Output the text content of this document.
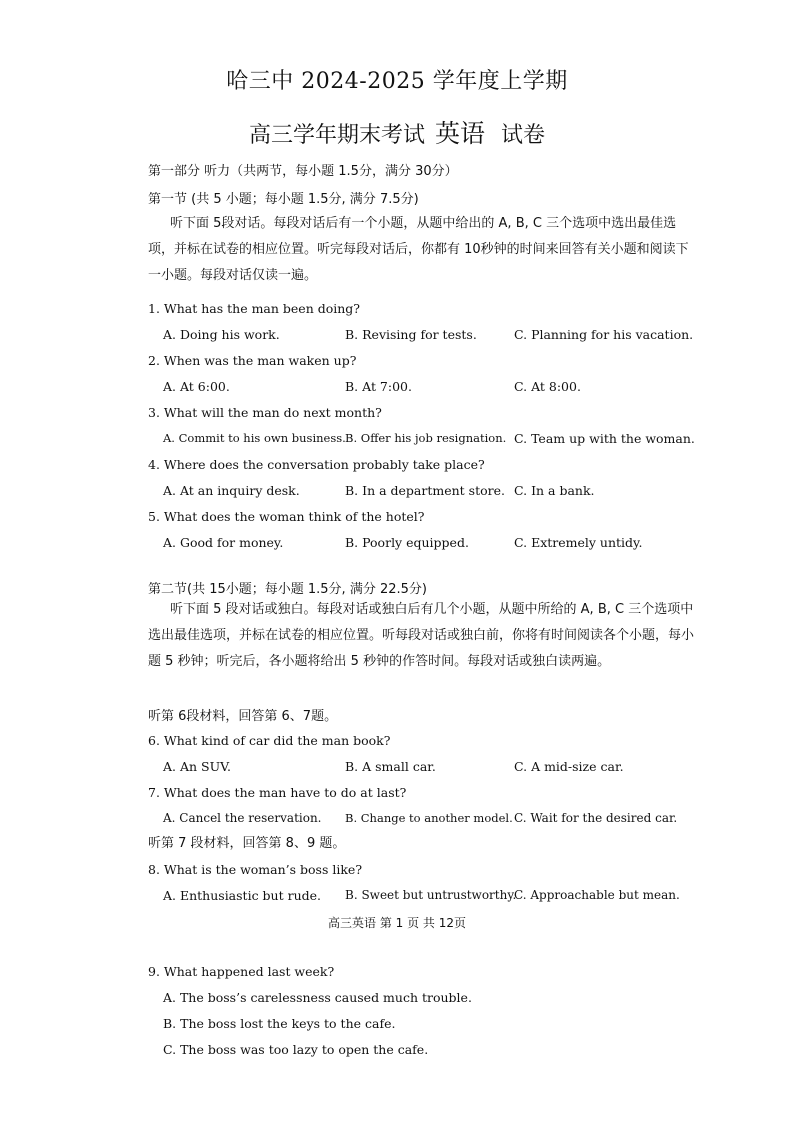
哈三中 2024-2025 学年度上学期
高三学年期末考试 英语 试卷
第一部分 听力（共两节，每小题 1.5分，满分 30分）
第一节 (共 5 小题；每小题 1.5分, 满分 7.5分)
听下面 5段对话。每段对话后有一个小题，从题中给出的 A, B, C 三个选项中选出最佳选项，并标在试卷的相应位置。听完每段对话后，你都有 10秒钟的时间来回答有关小题和阅读下一小题。每段对话仅读一遍。
1. What has the man been doing?
A. Doing his work.	B. Revising for tests.	C. Planning for his vacation.
2. When was the man waken up?
A. At 6:00.	B. At 7:00.	C. At 8:00.
3. What will the man do next month?
A. Commit to his own business. B. Offer his job resignation. C. Team up with the woman.
4. Where does the conversation probably take place?
A. At an inquiry desk.	B. In a department store. C. In a bank.
5. What does the woman think of the hotel?
A. Good for money.	B. Poorly equipped.	C. Extremely untidy.
第二节(共 15小题；每小题 1.5分, 满分 22.5分)
听下面 5 段对话或独白。每段对话或独白后有几个小题，从题中所给的 A, B, C 三个选项中选出最佳选项，并标在试卷的相应位置。听每段对话或独白前，你将有时间阅读各个小题，每小题 5 秒钟；听完后，各小题将给出 5 秒钟的作答时间。每段对话或独白读两遍。
听第 6段材料，回答第 6、7题。
6. What kind of car did the man book?
A. An SUV.	B. A small car.	C. A mid-size car.
7. What does the man have to do at last?
A. Cancel the reservation. B. Change to another model. C. Wait for the desired car.
听第 7 段材料，回答第 8、9 题。
8. What is the woman’s boss like?
A. Enthusiastic but rude. B. Sweet but untrustworthy.
C. Approachable but mean.
高三英语 第 1 页 共 12页
9. What happened last week?
A. The boss’s carelessness caused much trouble.
B. The boss lost the keys to the cafe.
C. The boss was too lazy to open the cafe.
